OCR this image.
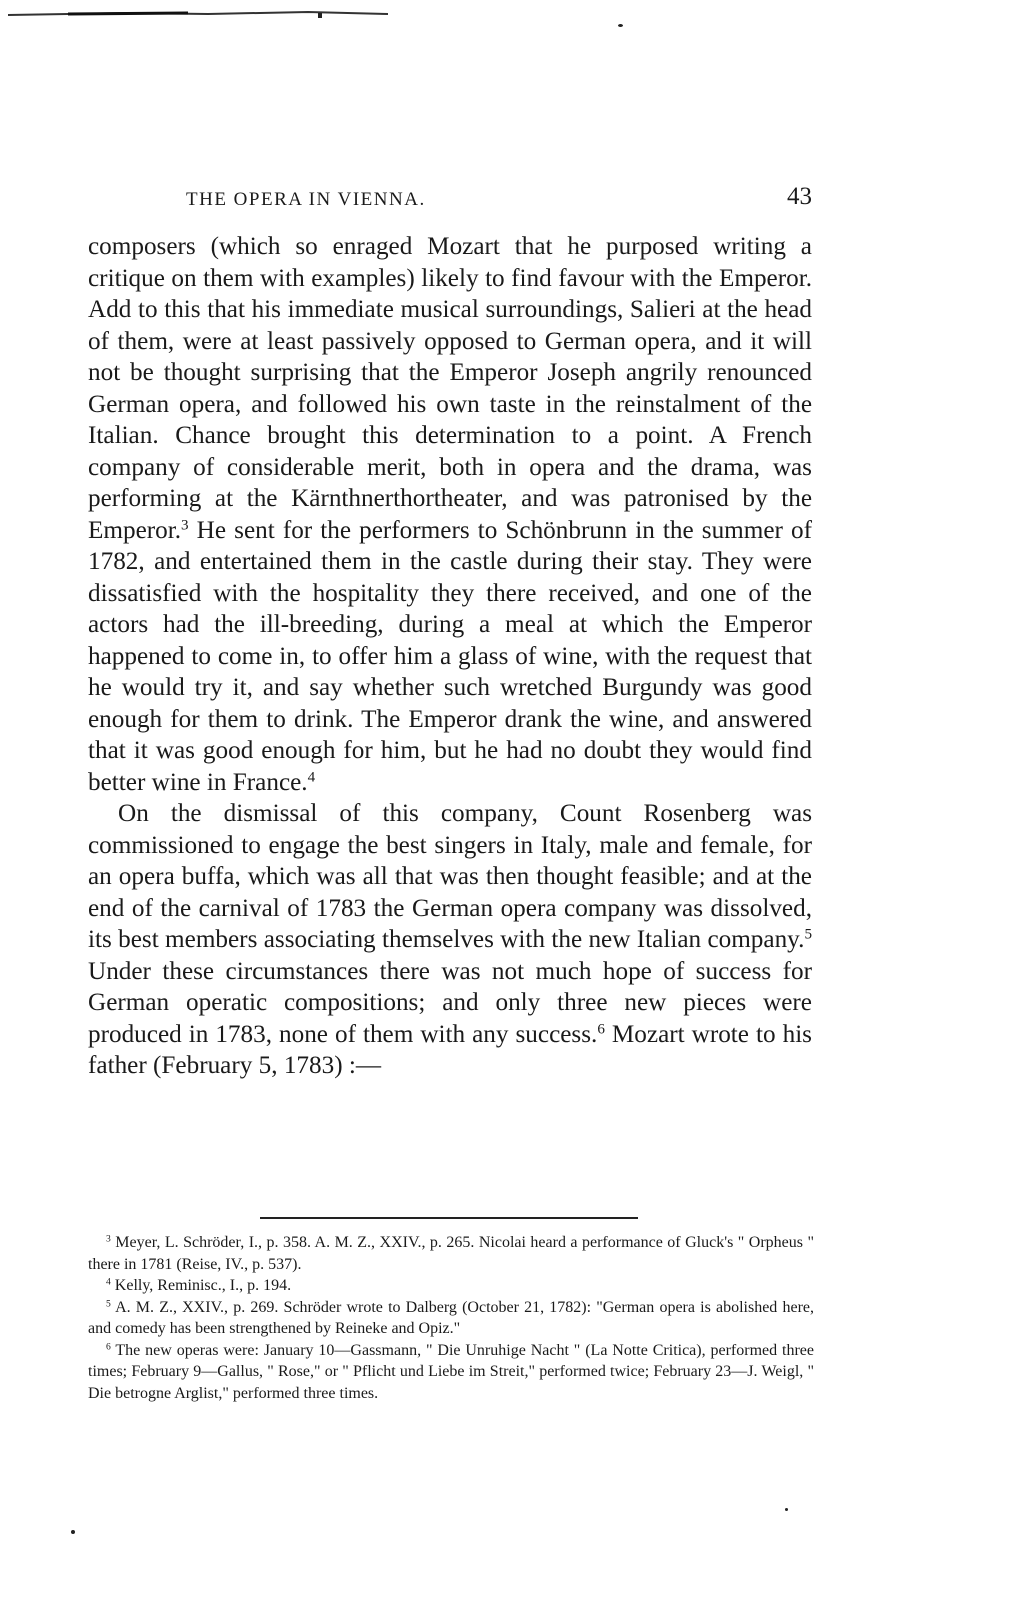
THE OPERA IN VIENNA.	43

composers (which so enraged Mozart that he purposed writing a critique on them with examples) likely to find favour with the Emperor. Add to this that his immediate musical surroundings, Salieri at the head of them, were at least passively opposed to German opera, and it will not be thought surprising that the Emperor Joseph angrily renounced German opera, and followed his own taste in the reinstalment of the Italian. Chance brought this determination to a point. A French company of considerable merit, both in opera and the drama, was performing at the Kärnthnerthortheater, and was patronised by the Emperor.$^3$ He sent for the performers to Schönbrunn in the summer of 1782, and entertained them in the castle during their stay. They were dissatisfied with the hospitality they there received, and one of the actors had the ill-breeding, during a meal at which the Emperor happened to come in, to offer him a glass of wine, with the request that he would try it, and say whether such wretched Burgundy was good enough for them to drink. The Emperor drank the wine, and answered that it was good enough for him, but he had no doubt they would find better wine in France.$^4$

On the dismissal of this company, Count Rosenberg was commissioned to engage the best singers in Italy, male and female, for an opera buffa, which was all that was then thought feasible; and at the end of the carnival of 1783 the German opera company was dissolved, its best members associating themselves with the new Italian company.$^5$ Under these circumstances there was not much hope of success for German operatic compositions; and only three new pieces were produced in 1783, none of them with any success.$^6$ Mozart wrote to his father (February 5, 1783) :—

$^3$ Meyer, L. Schröder, I., p. 358. A. M. Z., XXIV., p. 265. Nicolai heard a performance of Gluck's " Orpheus " there in 1781 (Reise, IV., p. 537).

$^4$ Kelly, Reminisc., I., p. 194.

$^5$ A. M. Z., XXIV., p. 269. Schröder wrote to Dalberg (October 21, 1782): "German opera is abolished here, and comedy has been strengthened by Reineke and Opiz."

$^6$ The new operas were: January 10—Gassmann, " Die Unruhige Nacht " (La Notte Critica), performed three times; February 9—Gallus, " Rose," or " Pflicht und Liebe im Streit," performed twice; February 23—J. Weigl, " Die betrogne Arglist," performed three times.
